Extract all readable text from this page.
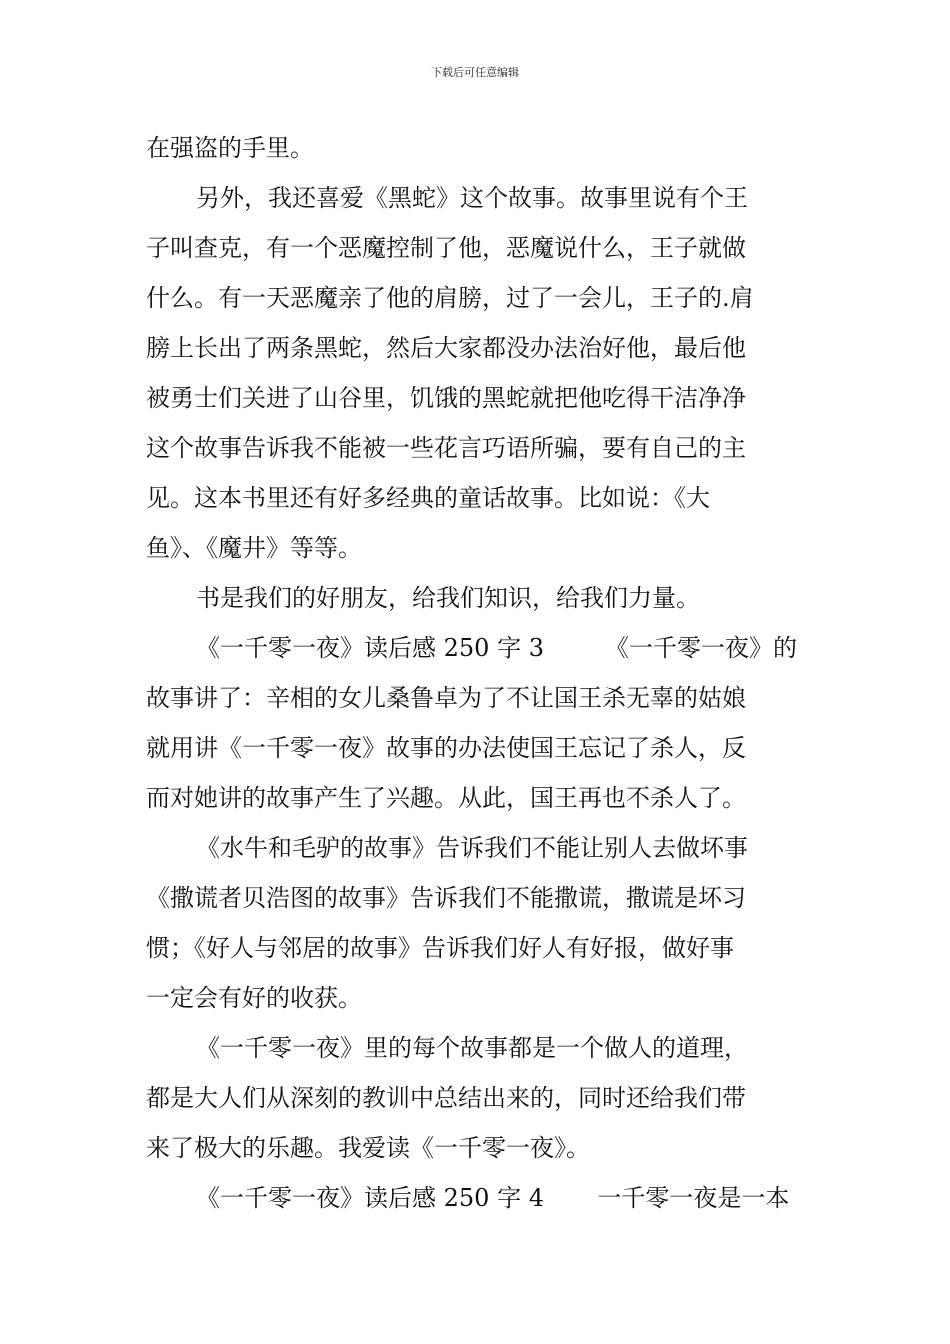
下载后可任意编辑
在强盗的手里。
另外，我还喜爱《黑蛇》这个故事。故事里说有个王
子叫查克，有一个恶魔控制了他，恶魔说什么，王子就做
什么。有一天恶魔亲了他的肩膀，过了一会儿，王子的.肩
膀上长出了两条黑蛇，然后大家都没办法治好他，最后他
被勇士们关进了山谷里，饥饿的黑蛇就把他吃得干洁净净
这个故事告诉我不能被一些花言巧语所骗，要有自己的主
见。这本书里还有好多经典的童话故事。比如说：《大
鱼》、《魔井》等等。
书是我们的好朋友，给我们知识，给我们力量。
《一千零一夜》读后感 250 字 3        《一千零一夜》的
故事讲了：辛相的女儿桑鲁卓为了不让国王杀无辜的姑娘
就用讲《一千零一夜》故事的办法使国王忘记了杀人，反
而对她讲的故事产生了兴趣。从此，国王再也不杀人了。
《水牛和毛驴的故事》告诉我们不能让别人去做坏事
《撒谎者贝浩图的故事》告诉我们不能撒谎，撒谎是坏习
惯；《好人与邻居的故事》告诉我们好人有好报，做好事
一定会有好的收获。
《一千零一夜》里的每个故事都是一个做人的道理，
都是大人们从深刻的教训中总结出来的，同时还给我们带
来了极大的乐趣。我爱读《一千零一夜》。
《一千零一夜》读后感 250 字 4       一千零一夜是一本
